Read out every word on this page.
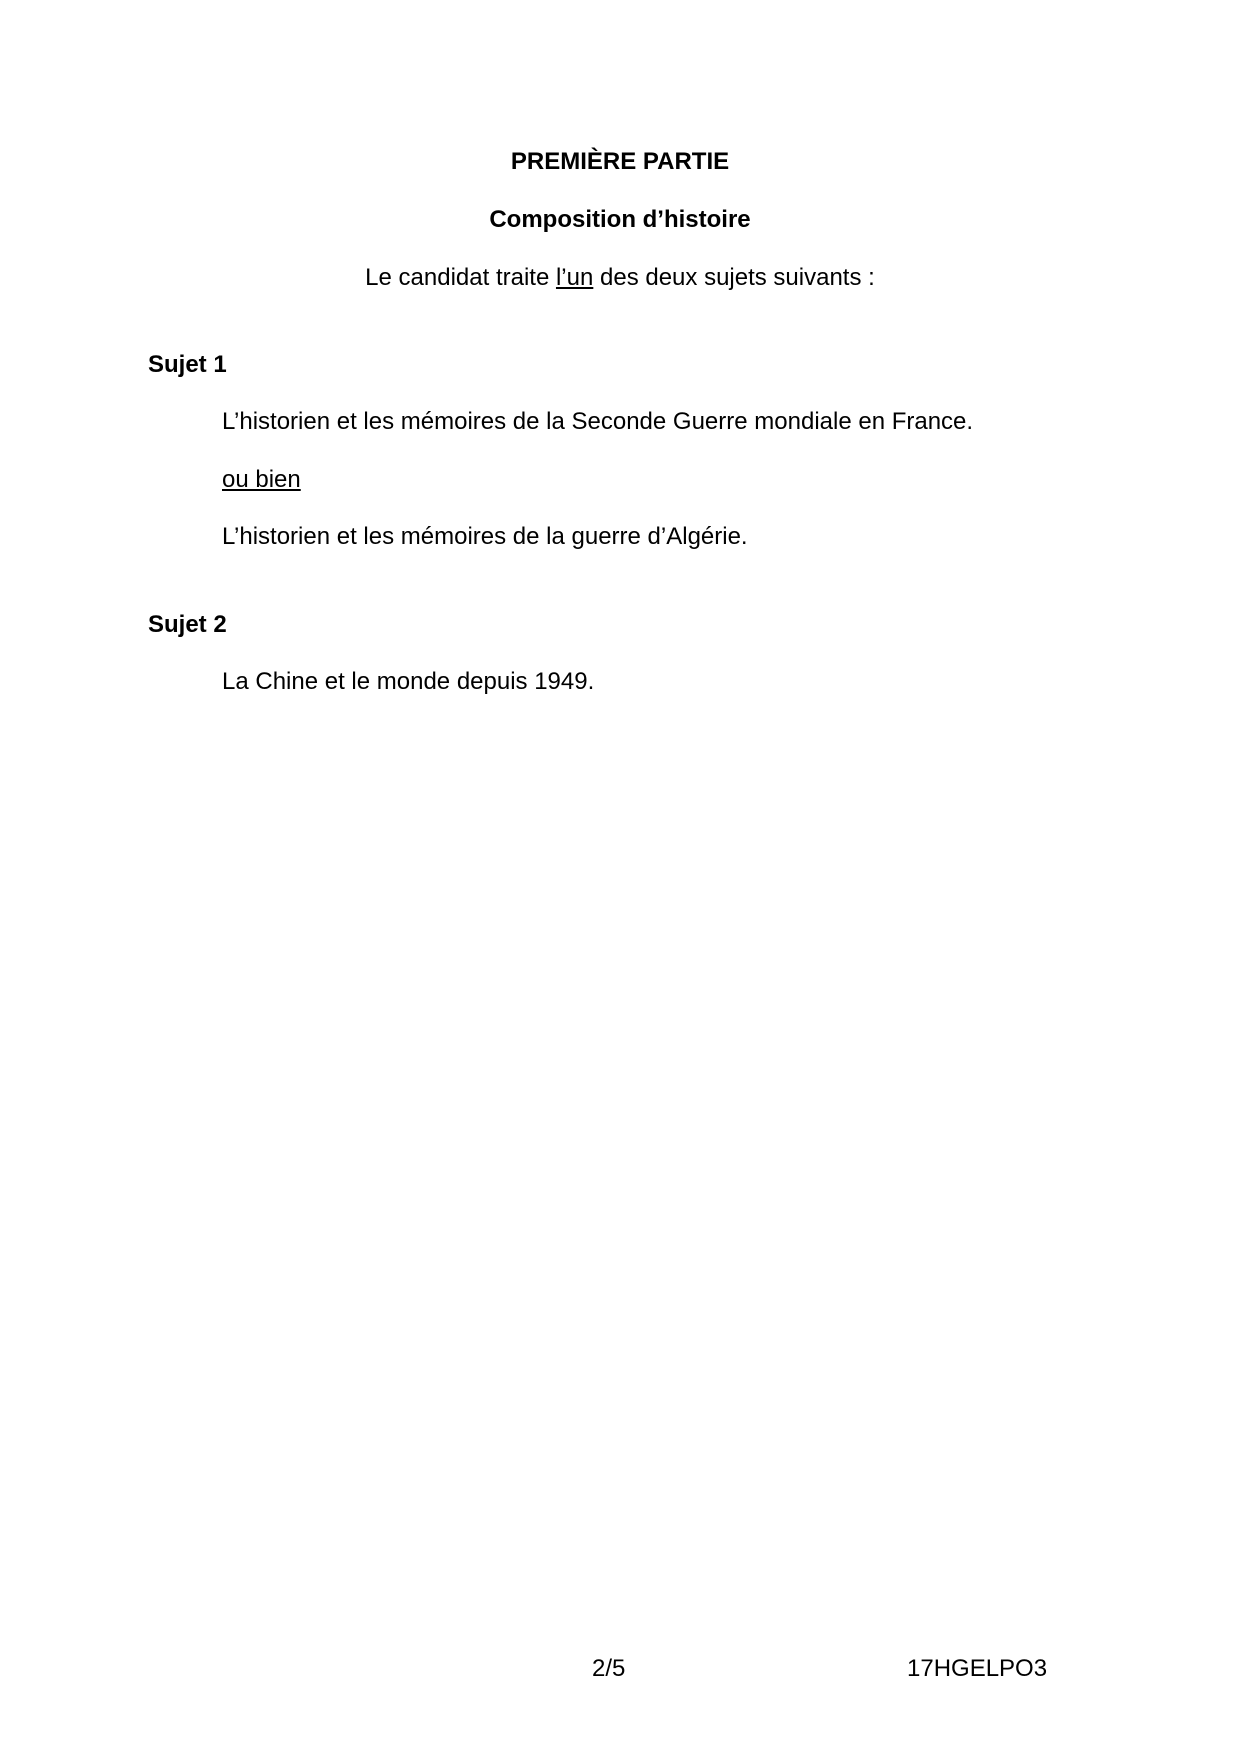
PREMIÈRE PARTIE
Composition d’histoire
Le candidat traite l’un des deux sujets suivants :
Sujet 1
L’historien et les mémoires de la Seconde Guerre mondiale en France.
ou bien
L’historien et les mémoires de la guerre d’Algérie.
Sujet 2
La Chine et le monde depuis 1949.
2/5	17HGELPO3
